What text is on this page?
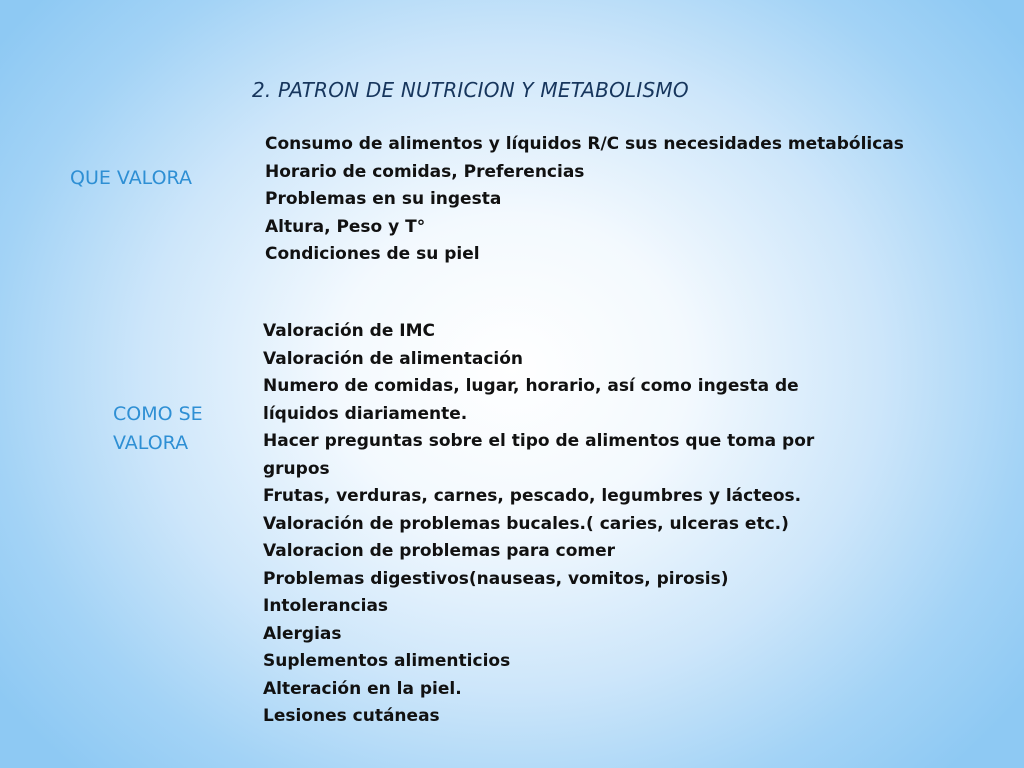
2. PATRON DE NUTRICION Y METABOLISMO
QUE VALORA
Consumo de alimentos y líquidos R/C sus necesidades metabólicas
Horario de comidas, Preferencias
Problemas en su ingesta
Altura, Peso y T°
Condiciones de su piel
COMO SE VALORA
Valoración de IMC
Valoración de alimentación
Numero de comidas, lugar, horario, así como ingesta de líquidos diariamente.
Hacer preguntas sobre el tipo de alimentos que toma por grupos
Frutas, verduras, carnes, pescado, legumbres y lácteos.
Valoración de problemas bucales.( caries, ulceras etc.)
Valoracion de problemas para comer
Problemas digestivos(nauseas, vomitos, pirosis)
Intolerancias
Alergias
Suplementos alimenticios
Alteración en la piel.
Lesiones cutáneas
